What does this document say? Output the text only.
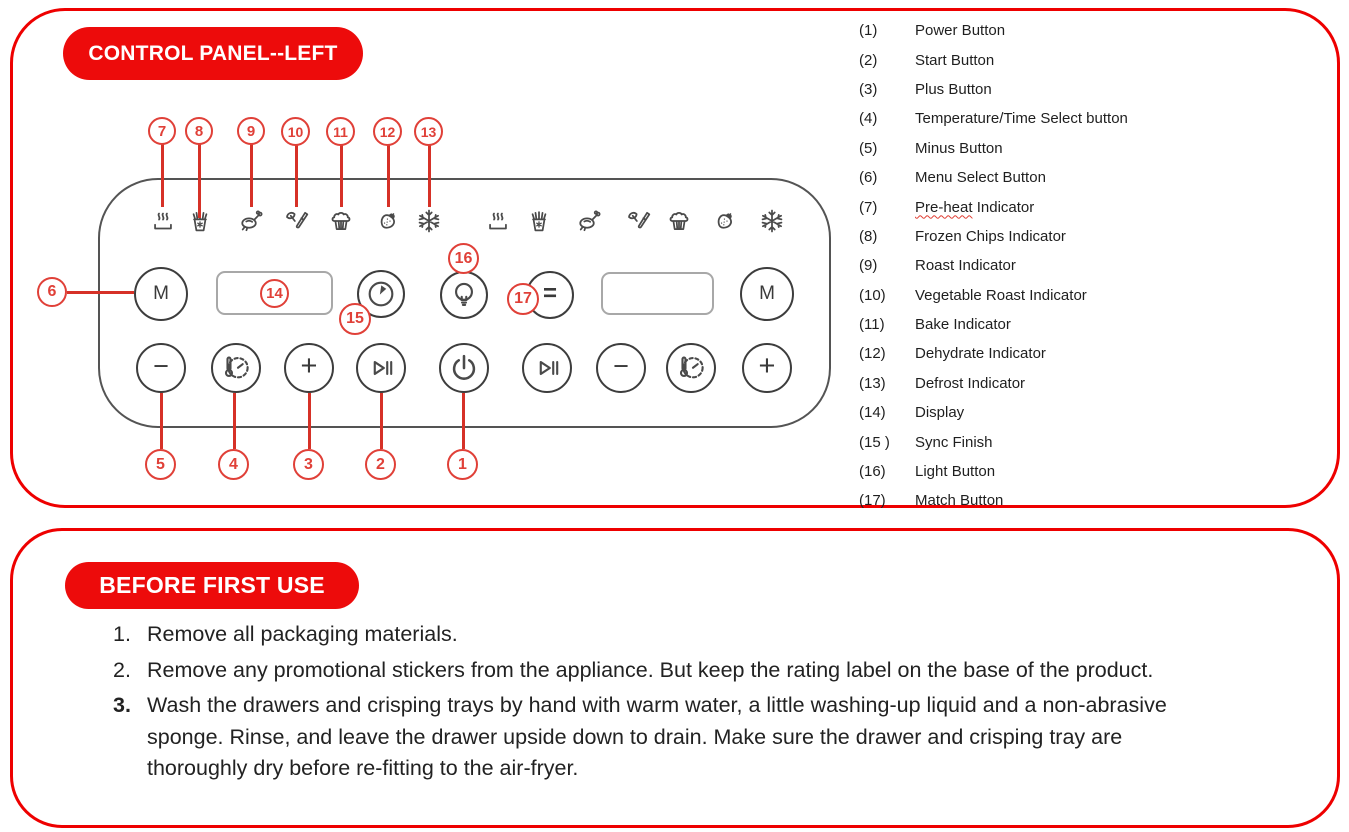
CONTROL PANEL--LEFT
(1)	Power Button
(2)	Start Button
(3)	Plus Button
(4)	Temperature/Time Select button
(5)	Minus Button
(6)	Menu Select Button
(7)	Pre-heat Indicator
(8)	Frozen Chips Indicator
(9)	Roast Indicator
(10)	Vegetable Roast Indicator
(11)	Bake Indicator
(12)	Dehydrate Indicator
(13)	Defrost Indicator
(14)	Display
(15 )	Sync Finish
(16)	Light Button
(17)	Match Button
M	14	=	M
−	+	−	+
7	8	9	10	11	12	13
6
15
16
17
5	4	3	2	1
BEFORE FIRST USE
1. Remove all packaging materials.
2. Remove any promotional stickers from the appliance. But keep the rating label on the base of the product.
3. Wash the drawers and crisping trays by hand with warm water, a little washing-up liquid and a non-abrasive sponge. Rinse, and leave the drawer upside down to drain. Make sure the drawer and crisping tray are thoroughly dry before re-fitting to the air-fryer.
